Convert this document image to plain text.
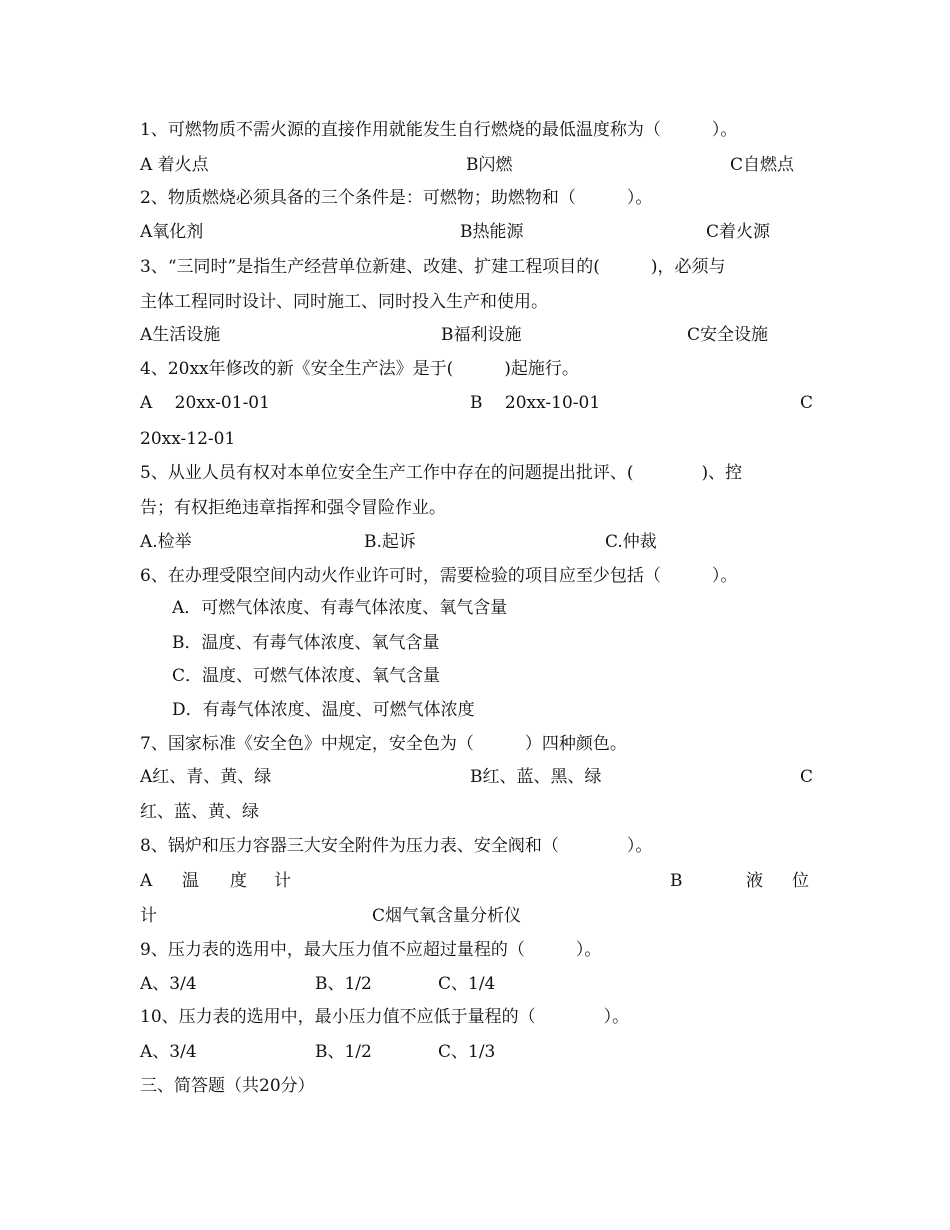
1、可燃物质不需火源的直接作用就能发生自行燃烧的最低温度称为（　　　）。
A 着火点	B闪燃	C自燃点
2、物质燃烧必须具备的三个条件是：可燃物；助燃物和（　　　）。
A氧化剂	B热能源	C着火源
3、“三同时”是指生产经营单位新建、改建、扩建工程项目的(　　　)，必须与
主体工程同时设计、同时施工、同时投入生产和使用。
A生活设施	B福利设施	C安全设施
4、20xx年修改的新《安全生产法》是于(　　　)起施行。
A　 20xx-01-01	B　 20xx-10-01	C
20xx-12-01
5、从业人员有权对本单位安全生产工作中存在的问题提出批评、(　　　　)、控
告；有权拒绝违章指挥和强令冒险作业。
A.检举	B.起诉	C.仲裁
6、在办理受限空间内动火作业许可时，需要检验的项目应至少包括（　　　）。
A．可燃气体浓度、有毒气体浓度、氧气含量
B．温度、有毒气体浓度、氧气含量
C．温度、可燃气体浓度、氧气含量
D．有毒气体浓度、温度、可燃气体浓度
7、国家标准《安全色》中规定，安全色为（　　　）四种颜色。
A红、青、黄、绿	B红、蓝、黑、绿	C
红、蓝、黄、绿
8、锅炉和压力容器三大安全附件为压力表、安全阀和（　　　　）。
A 温 度 计	B	液 位
计	C烟气氧含量分析仪
9、压力表的选用中，最大压力值不应超过量程的（　　　）。
A、3/4	B、1/2	C、1/4
10、压力表的选用中，最小压力值不应低于量程的（　　　　）。
A、3/4	B、1/2	C、1/3
三、简答题（共20分）
